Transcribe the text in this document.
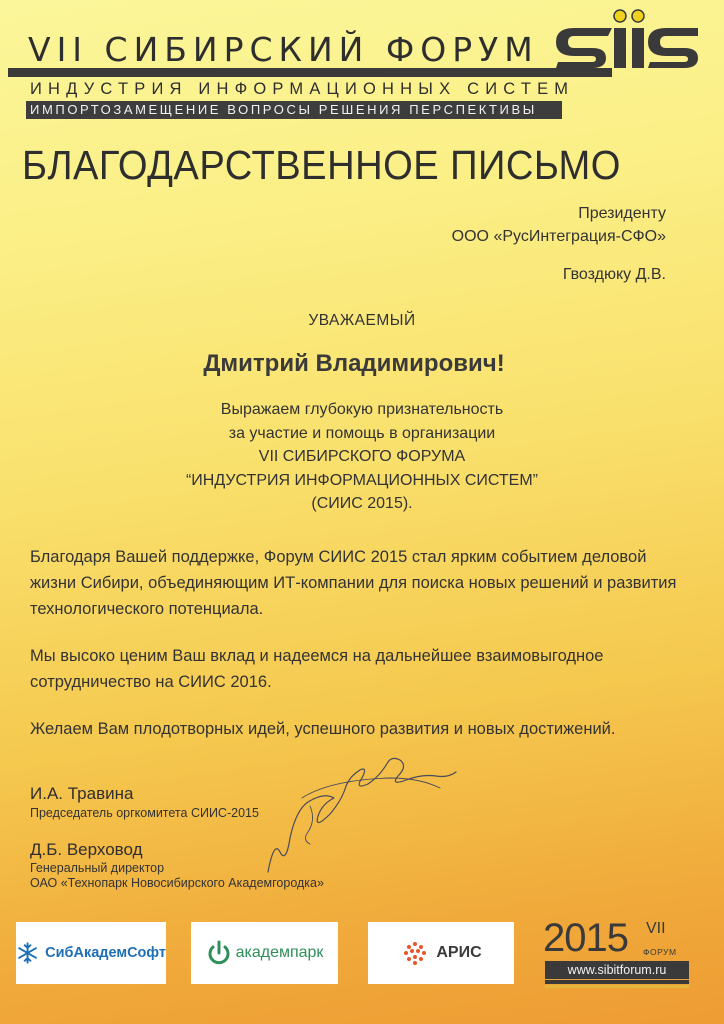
VII СИБИРСКИЙ ФОРУМ
ИНДУСТРИЯ ИНФОРМАЦИОННЫХ СИСТЕМ
ИМПОРТОЗАМЕЩЕНИЕ ВОПРОСЫ РЕШЕНИЯ ПЕРСПЕКТИВЫ
БЛАГОДАРСТВЕННОЕ ПИСЬМО
Президенту
ООО «РусИнтеграция-СФО»
Гвоздюку Д.В.
УВАЖАЕМЫЙ
Дмитрий Владимирович!
Выражаем глубокую признательность
за участие и помощь в организации
VII СИБИРСКОГО ФОРУМА
“ИНДУСТРИЯ ИНФОРМАЦИОННЫХ СИСТЕМ”
(СИИС 2015).
Благодаря Вашей поддержке, Форум СИИС 2015 стал ярким событием деловой жизни Сибири, объединяющим ИТ-компании для поиска новых решений и развития технологического потенциала.
Мы высоко ценим Ваш вклад и надеемся на дальнейшее взаимовыгодное сотрудничество на СИИС 2016.
Желаем Вам плодотворных идей, успешного развития и новых достижений.
И.А. Травина
Председатель оргкомитета СИИС-2015
Д.Б. Верховод
Генеральный директор
ОАО «Технопарк Новосибирского Академгородка»
СибАкадемСофт	академпарк	АРИС 2015 VII
ФОРУМ
www.sibitforum.ru
